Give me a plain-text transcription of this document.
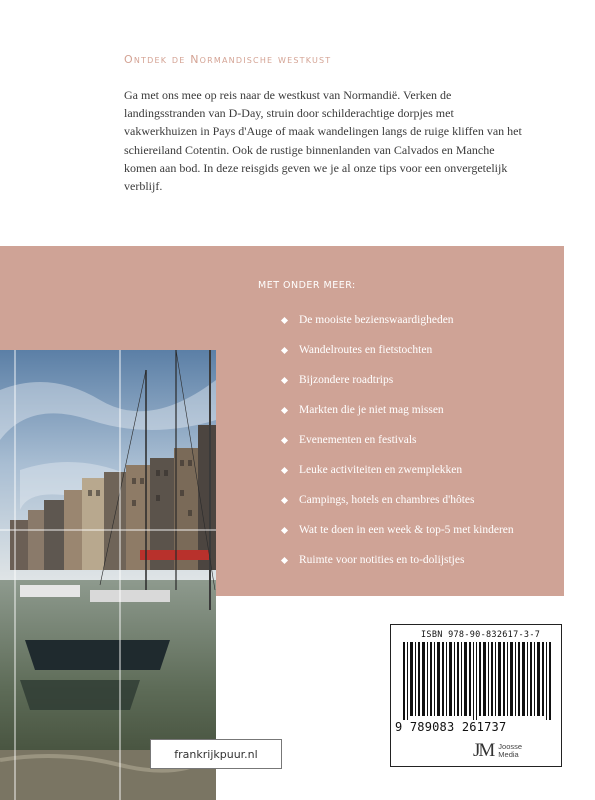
Ontdek de Normandische westkust

Ga met ons mee op reis naar de westkust van Normandië. Verken de landingsstranden van D-Day, struin door schilderachtige dorpjes met vakwerkhuizen in Pays d'Auge of maak wandelingen langs de ruige kliffen van het schiereiland Cotentin. Ook de rustige binnenlanden van Calvados en Manche komen aan bod. In deze reisgids geven we je al onze tips voor een onvergetelijk verblijf.

MET ONDER MEER:
De mooiste bezienswaardigheden
Wandelroutes en fietstochten
Bijzondere roadtrips
Markten die je niet mag missen
Evenementen en festivals
Leuke activiteiten en zwemplekken
Campings, hotels en chambres d'hôtes
Wat te doen in een week & top-5 met kinderen
Ruimte voor notities en to-dolijstjes
frankrijkpuur.nl
ISBN 978-90-832617-3-7
9 789083 261737
JM Joosse
Media
